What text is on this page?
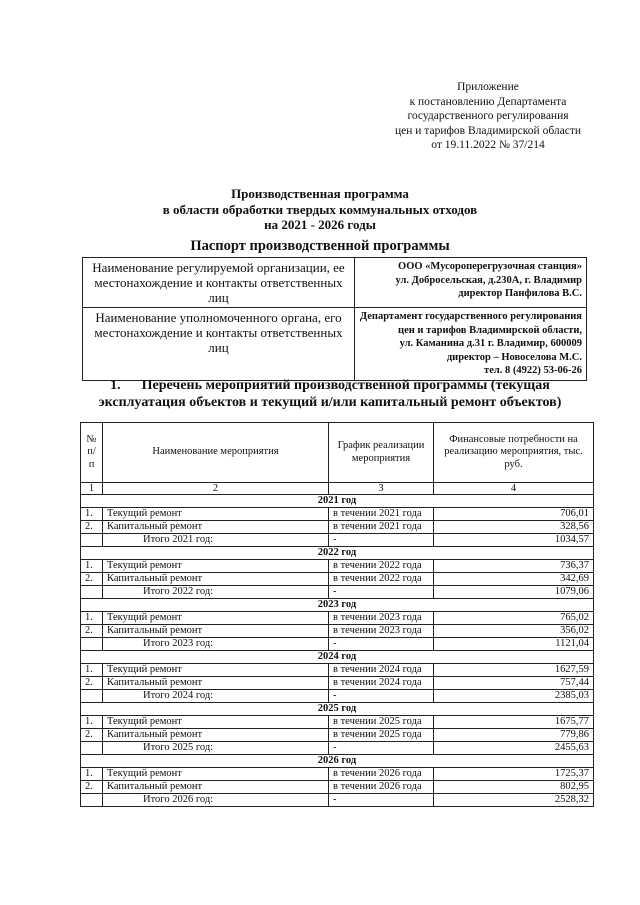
Приложение
к постановлению Департамента
государственного регулирования
цен и тарифов Владимирской области
от 19.11.2022 № 37/214
Производственная программа
в области обработки твердых коммунальных отходов
на 2021 - 2026 годы
Паспорт производственной программы
Наименование регулируемой организации, ее местонахождение и контакты ответственных лиц	ООО «Мусороперегрузочная станция»
ул. Добросельская, д.230А, г. Владимир
директор Панфилова В.С.

Наименование уполномоченного органа, его местонахождение и контакты ответственных лиц	Департамент государственного регулирования
цен и тарифов Владимирской области,
ул. Каманина д.31 г. Владимир, 600009
директор – Новоселова М.С.
тел. 8 (4922) 53-06-26
1. Перечень мероприятий производственной программы (текущая эксплуатация объектов и текущий и/или капитальный ремонт объектов)
№ п/п	Наименование мероприятия	График реализации мероприятия	Финансовые потребности на реализацию мероприятия, тыс. руб.
1	2	3	4
2021 год			
1.	Текущий ремонт	в течении 2021 года	706,01
2.	Капитальный ремонт	в течении 2021 года	328,56
	Итого 2021 год:	-	1034,57
2022 год			
1.	Текущий ремонт	в течении 2022 года	736,37
2.	Капитальный ремонт	в течении 2022 года	342,69
	Итого 2022 год:	-	1079,06
2023 год			
1.	Текущий ремонт	в течении 2023 года	765,02
2.	Капитальный ремонт	в течении 2023 года	356,02
	Итого 2023 год:	-	1121,04
2024 год			
1.	Текущий ремонт	в течении 2024 года	1627,59
2.	Капитальный ремонт	в течении 2024 года	757,44
	Итого 2024 год:	-	2385,03
2025 год			
1.	Текущий ремонт	в течении 2025 года	1675,77
2.	Капитальный ремонт	в течении 2025 года	779,86
	Итого 2025 год:	-	2455,63
2026 год			
1.	Текущий ремонт	в течении 2026 года	1725,37
2.	Капитальный ремонт	в течении 2026 года	802,95
	Итого 2026 год:	-	2528,32
